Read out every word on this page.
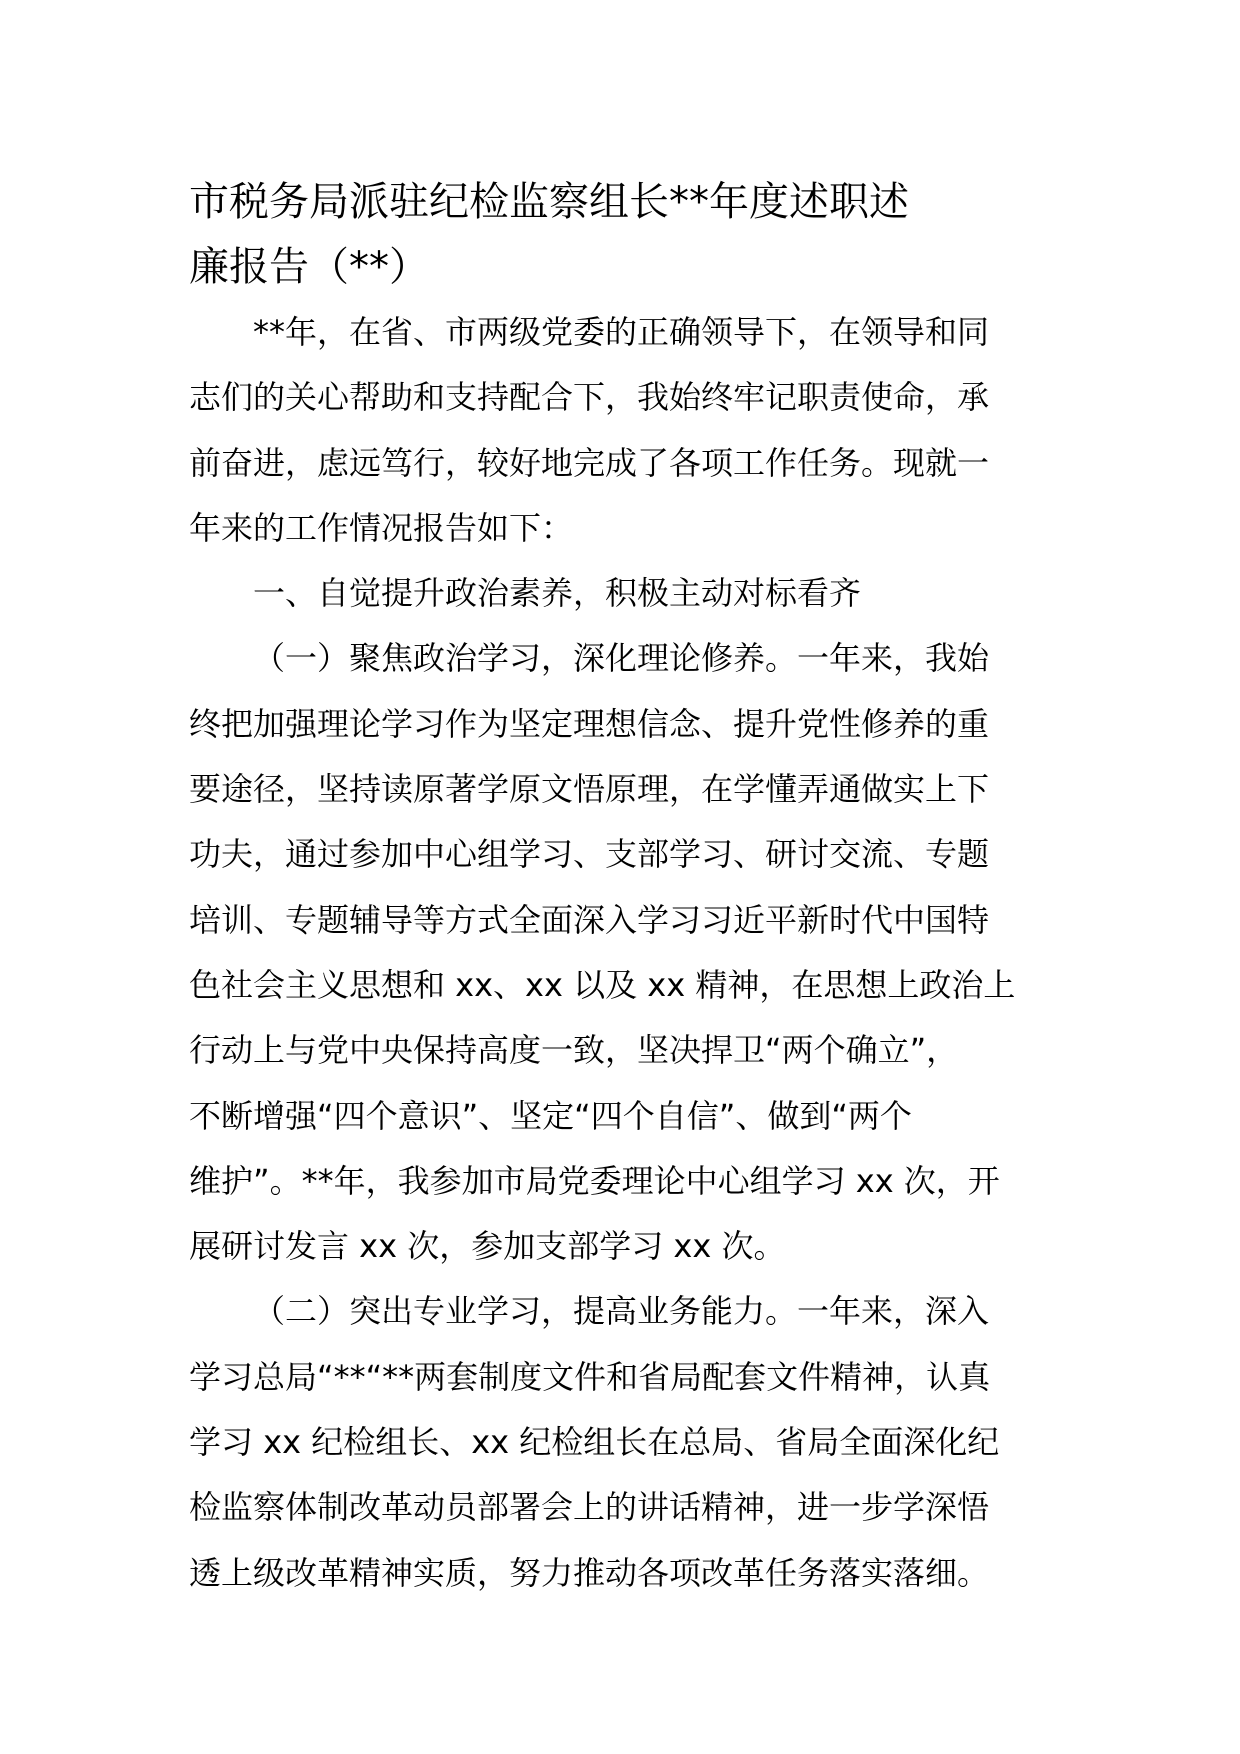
市税务局派驻纪检监察组长**年度述职述
廉报告（**）
**年，在省、市两级党委的正确领导下，在领导和同
志们的关心帮助和支持配合下，我始终牢记职责使命，承
前奋进，虑远笃行，较好地完成了各项工作任务。现就一
年来的工作情况报告如下：
一、自觉提升政治素养，积极主动对标看齐
（一）聚焦政治学习，深化理论修养。一年来，我始
终把加强理论学习作为坚定理想信念、提升党性修养的重
要途径，坚持读原著学原文悟原理，在学懂弄通做实上下
功夫，通过参加中心组学习、支部学习、研讨交流、专题
培训、专题辅导等方式全面深入学习习近平新时代中国特
色社会主义思想和 xx、xx 以及 xx 精神，在思想上政治上
行动上与党中央保持高度一致，坚决捍卫“两个确立”，
不断增强“四个意识”、坚定“四个自信”、做到“两个
维护”。**年，我参加市局党委理论中心组学习 xx 次，开
展研讨发言 xx 次，参加支部学习 xx 次。
（二）突出专业学习，提高业务能力。一年来，深入
学习总局“**“**两套制度文件和省局配套文件精神，认真
学习 xx 纪检组长、xx 纪检组长在总局、省局全面深化纪
检监察体制改革动员部署会上的讲话精神，进一步学深悟
透上级改革精神实质，努力推动各项改革任务落实落细。
